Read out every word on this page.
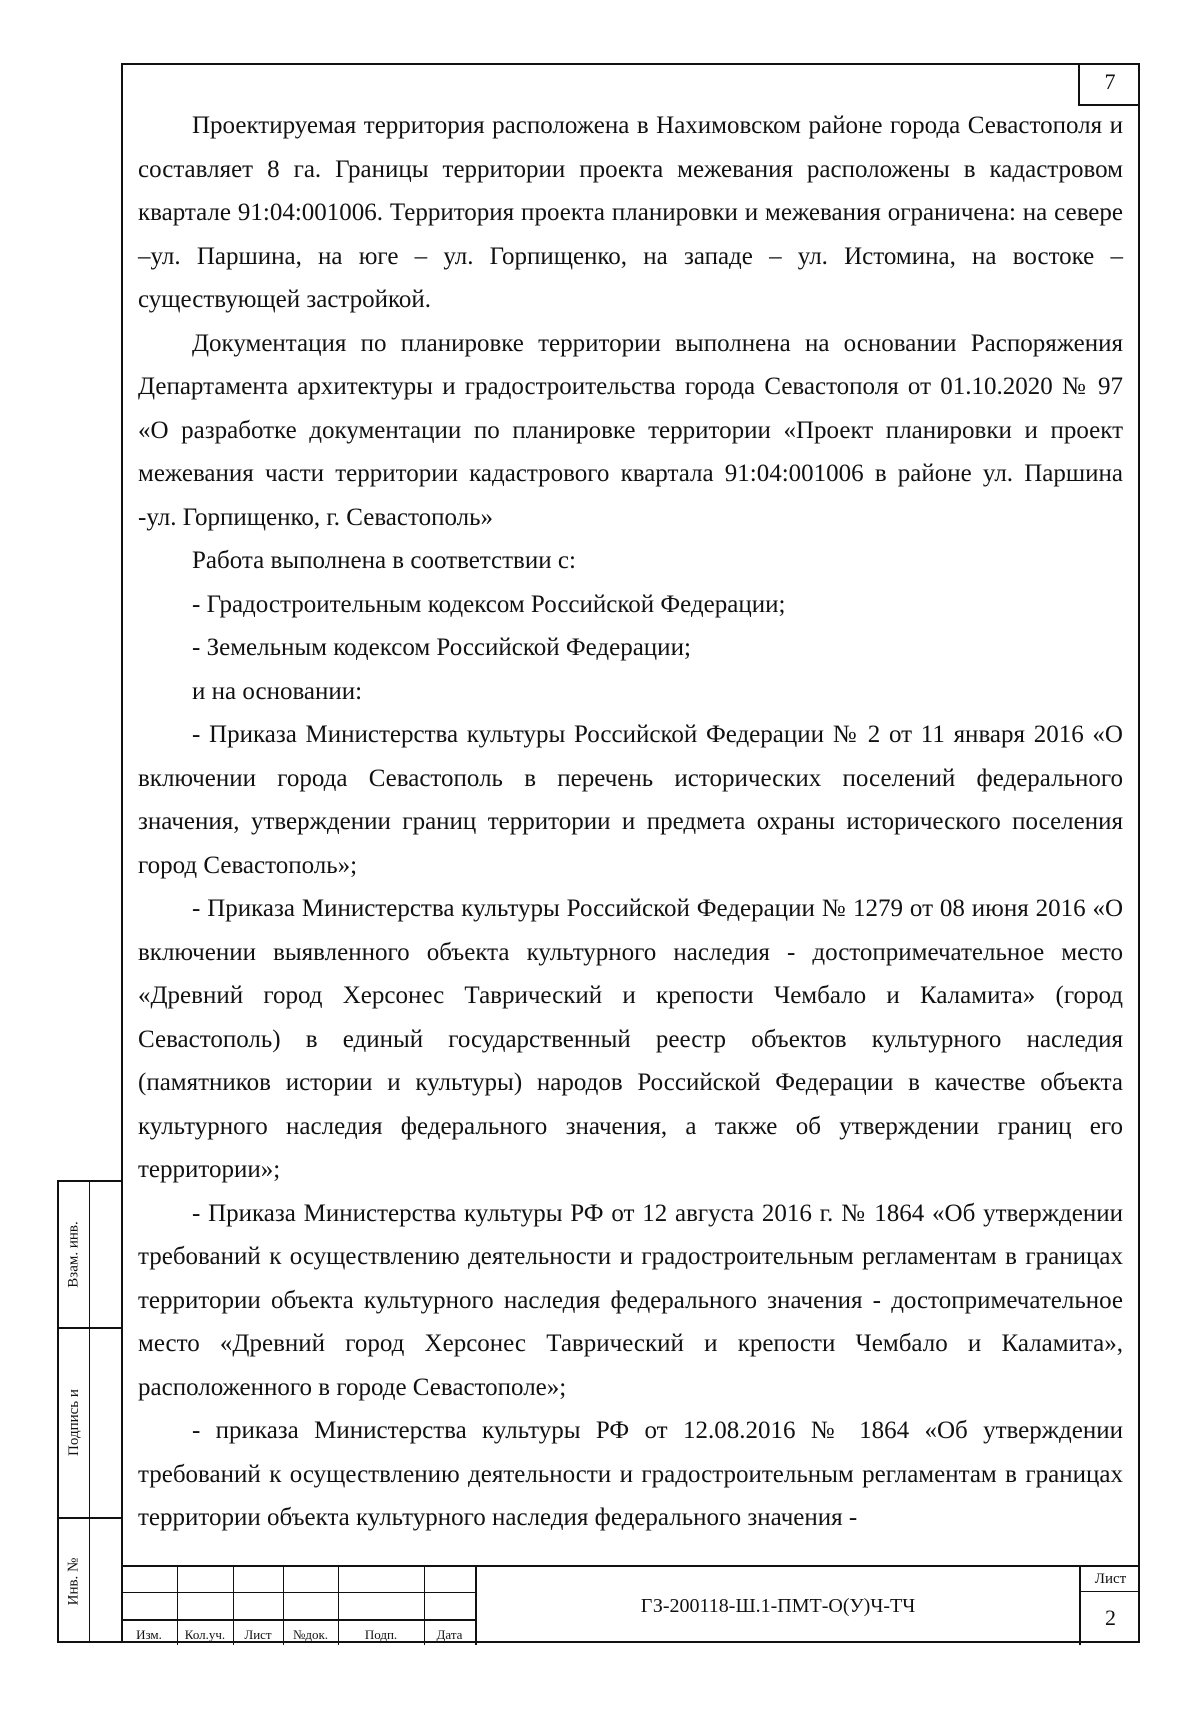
7

Проектируемая территория расположена в Нахимовском районе города Севастополя и составляет 8 га. Границы территории проекта межевания расположены в кадастровом квартале 91:04:001006. Территория проекта планировки и межевания ограничена: на севере –ул. Паршина, на юге – ул. Горпищенко, на западе – ул. Истомина, на востоке – существующей застройкой.

Документация по планировке территории выполнена на основании Распоряжения Департамента архитектуры и градостроительства города Севастополя от 01.10.2020 № 97 «О разработке документации по планировке территории «Проект планировки и проект межевания части территории кадастрового квартала 91:04:001006 в районе ул. Паршина -ул. Горпищенко, г. Севастополь»

Работа выполнена в соответствии с:

- Градостроительным кодексом Российской Федерации;

- Земельным кодексом Российской Федерации;

и на основании:

- Приказа Министерства культуры Российской Федерации № 2 от 11 января 2016 «О включении города Севастополь в перечень исторических поселений федерального значения, утверждении границ территории и предмета охраны исторического поселения город Севастополь»;

- Приказа Министерства культуры Российской Федерации № 1279 от 08 июня 2016 «О включении выявленного объекта культурного наследия - достопримечательное место «Древний город Херсонес Таврический и крепости Чембало и Каламита» (город Севастополь) в единый государственный реестр объектов культурного наследия (памятников истории и культуры) народов Российской Федерации в качестве объекта культурного наследия федерального значения, а также об утверждении границ его территории»;

- Приказа Министерства культуры РФ от 12 августа 2016 г. № 1864 «Об утверждении требований к осуществлению деятельности и градостроительным регламентам в границах территории объекта культурного наследия федерального значения - достопримечательное место «Древний город Херсонес Таврический и крепости Чембало и Каламита», расположенного в городе Севастополе»;

- приказа Министерства культуры РФ от 12.08.2016 № 1864 «Об утверждении требований к осуществлению деятельности и градостроительным регламентам в границах территории объекта культурного наследия федерального значения -

Взам. инв.
Подпись и
Инв. №
Изм.	Кол.уч.	Лист	№док.	Подп.	Дата
ГЗ-200118-Ш.1-ПМТ-О(У)Ч-ТЧ
Лист
2
